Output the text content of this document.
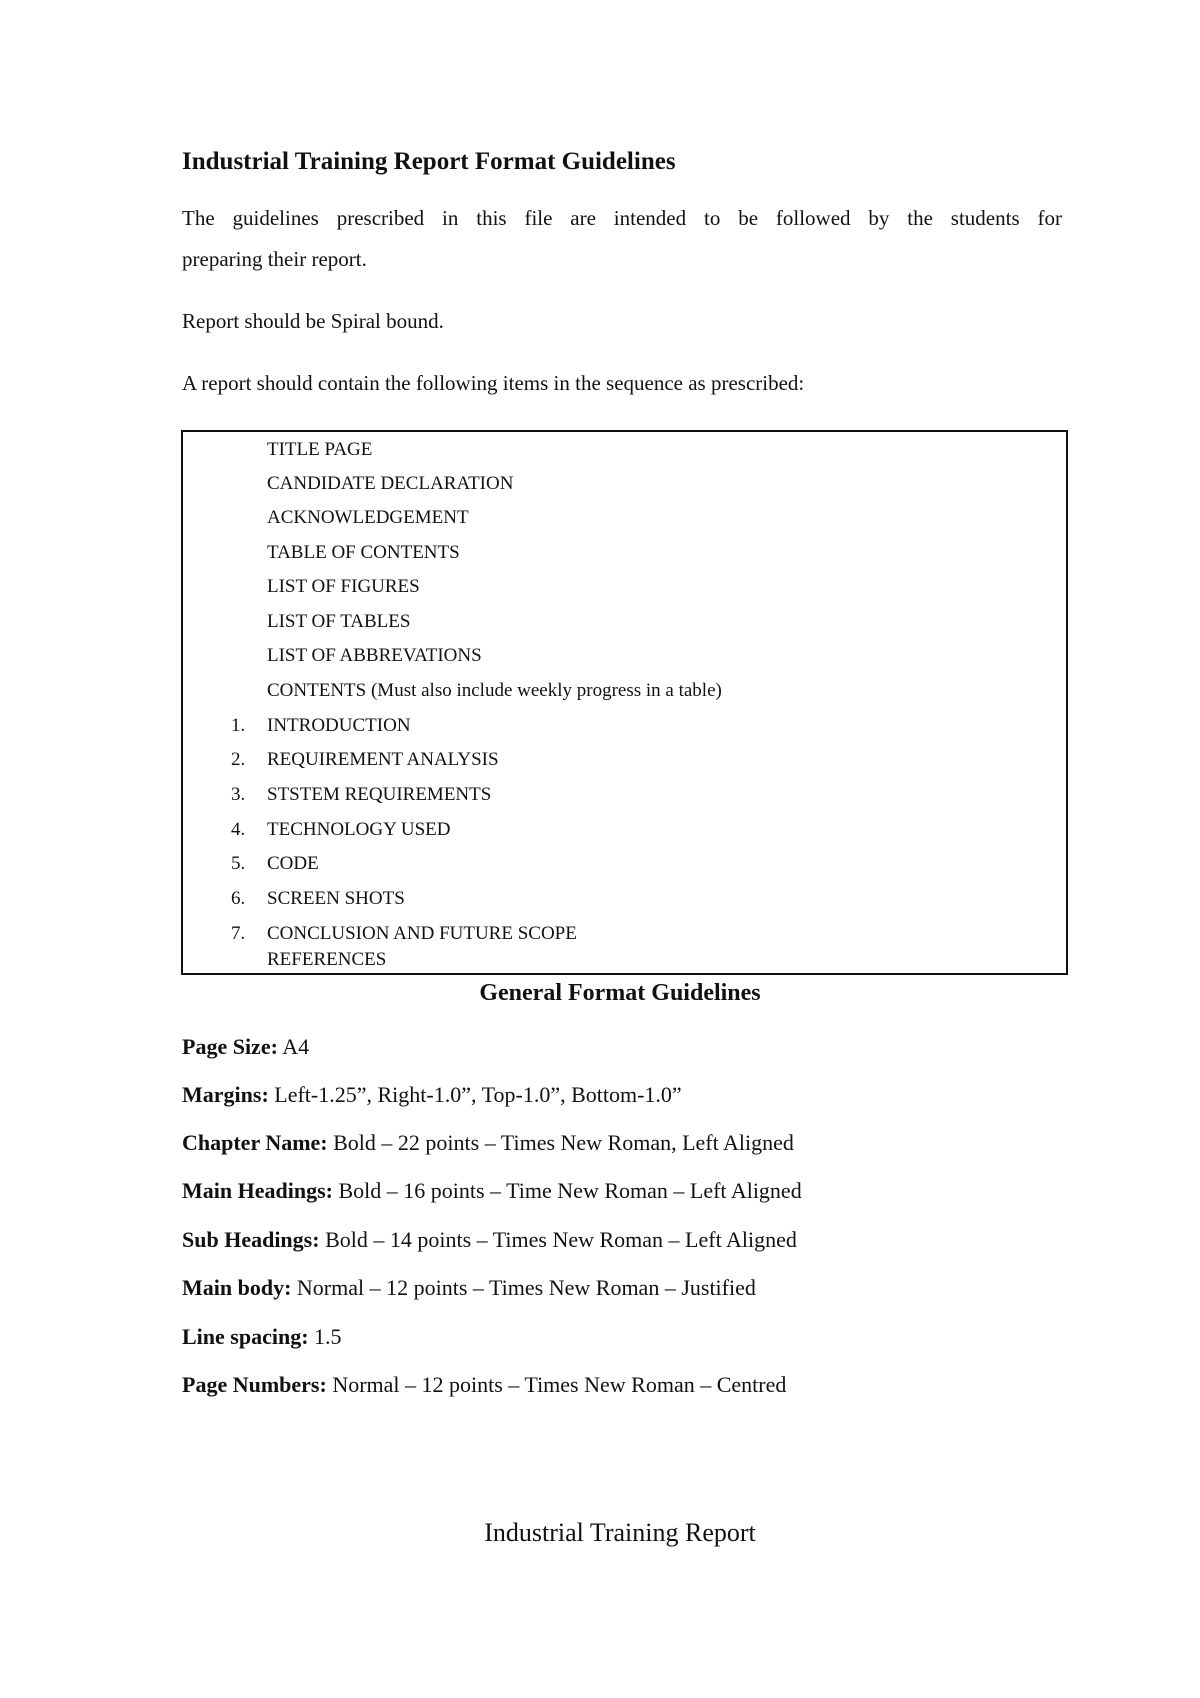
Industrial Training Report Format Guidelines
The guidelines prescribed in this file are intended to be followed by the students for
preparing their report.
Report should be Spiral bound.
A report should contain the following items in the sequence as prescribed:
TITLE PAGE
CANDIDATE DECLARATION
ACKNOWLEDGEMENT
TABLE OF CONTENTS
LIST OF FIGURES
LIST OF TABLES
LIST OF ABBREVATIONS
CONTENTS (Must also include weekly progress in a table)
1.	INTRODUCTION
2.	REQUIREMENT ANALYSIS
3.	STSTEM REQUIREMENTS
4.	TECHNOLOGY USED
5.	CODE
6.	SCREEN SHOTS
7.	CONCLUSION AND FUTURE SCOPE
REFERENCES
General Format Guidelines
Page Size: A4
Margins: Left-1.25”, Right-1.0”, Top-1.0”, Bottom-1.0”
Chapter Name: Bold – 22 points – Times New Roman, Left Aligned
Main Headings: Bold – 16 points – Time New Roman – Left Aligned
Sub Headings: Bold – 14 points – Times New Roman – Left Aligned
Main body: Normal – 12 points – Times New Roman – Justified
Line spacing: 1.5
Page Numbers: Normal – 12 points – Times New Roman – Centred
Industrial Training Report
